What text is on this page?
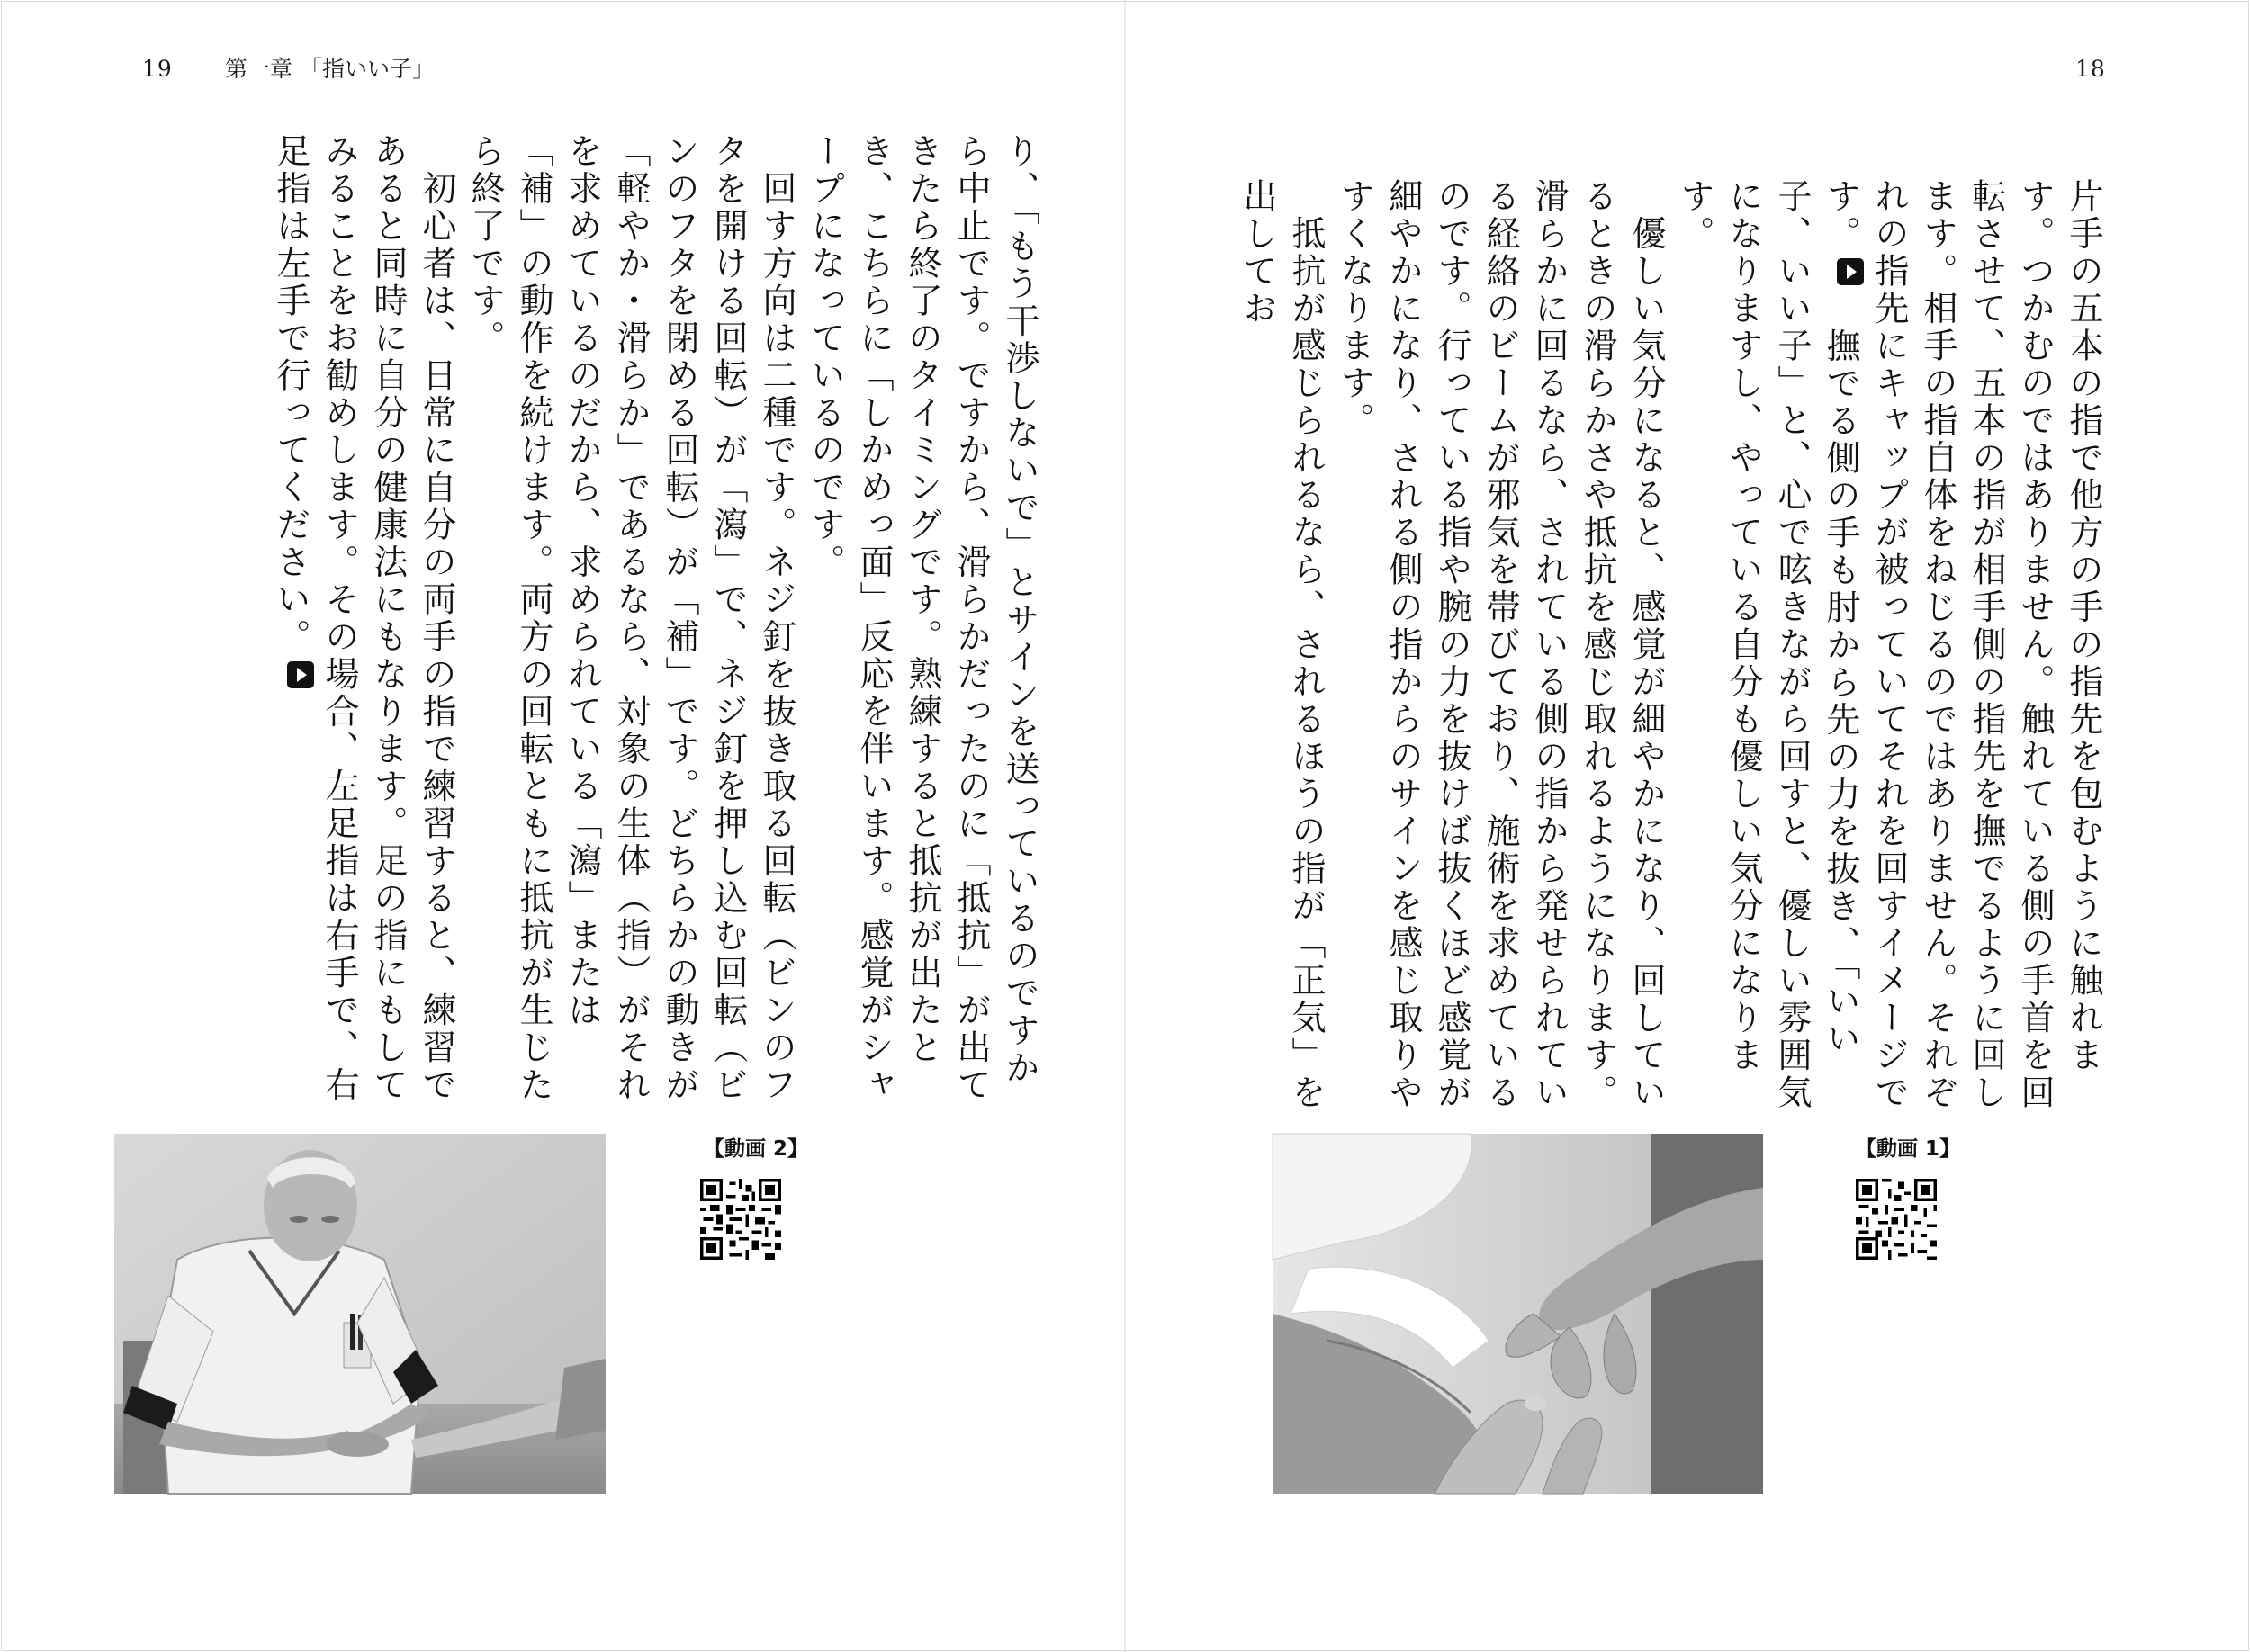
19 第一章 「指いい子」	18
片手の五本の指で他方の手の指先を包むように触れます。つかむのではありません。触れている側の手首を回転させて、五本の指が相手側の指先を撫でるように回します。相手の指自体をねじるのではありません。それぞれの指先にキャップが被っていてそれを回すイメージです。　撫でる側の手も肘から先の力を抜き、「いい子、いい子」と、心で呟きながら回すと、優しい雰囲気になりますし、やっている自分も優しい気分になります。
　優しい気分になると、感覚が細やかになり、回しているときの滑らかさや抵抗を感じ取れるようになります。滑らかに回るなら、されている側の指から発せられている経絡のビームが邪気を帯びており、施術を求めているのです。行っている指や腕の力を抜けば抜くほど感覚が細やかになり、される側の指からのサインを感じ取りやすくなります。
　抵抗が感じられるなら、されるほうの指が「正気」を出してお
り、「もう干渉しないで」とサインを送っているのですから中止です。ですから、滑らかだったのに「抵抗」が出てきたら終了のタイミングです。熟練すると抵抗が出たとき、こちらに「しかめっ面」反応を伴います。感覚がシャープになっているのです。
　回す方向は二種です。ネジ釘を抜き取る回転（ビンのフタを開ける回転）が「瀉」で、ネジ釘を押し込む回転（ビンのフタを閉める回転）が「補」です。どちらかの動きが「軽やか・滑らか」であるなら、対象の生体（指）がそれを求めているのだから、求められている「瀉」または「補」の動作を続けます。両方の回転ともに抵抗が生じたら終了です。
　初心者は、日常に自分の両手の指で練習すると、練習であると同時に自分の健康法にもなります。足の指にもしてみることをお勧めします。その場合、左足指は右手で、右足指は左手で行ってください。
【動画 2】	【動画 1】
